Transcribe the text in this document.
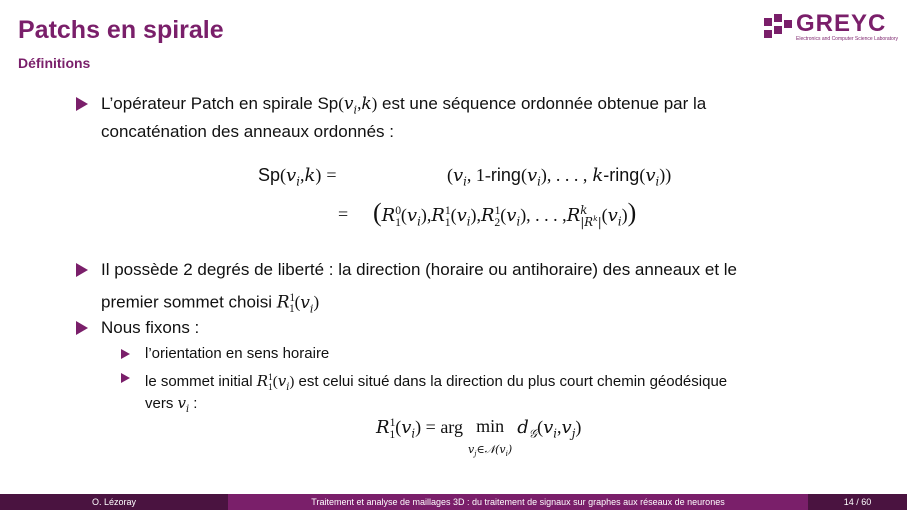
Patchs en spirale
Définitions
GREYC
Electronics and Computer Science Laboratory
L’opérateur Patch en spirale $Sp(v_i,k)$ est une séquence ordonnée obtenue par la
concaténation des anneaux ordonnés :
$Sp(v_i,k)$ =	($v_i$, $1-ring(v_i)$, . . . , $k-ring(v_i)$)
= ($R^0_1(v_i),R^1_1(v_i),R^1_2(v_i)$, . . . $,R^k_{|R^k|}(v_i)$)
Il possède 2 degrés de liberté : la direction (horaire ou antihoraire) des anneaux et le
premier sommet choisi $R^1_1(v_i)$
Nous fixons :
l’orientation en sens horaire
le sommet initial $R^1_1(v_i)$ est celui situé dans la direction du plus court chemin géodésique
vers $v_i$ :
$R^1_1(v_i)$ = arg min
$v_j\in 𝒩(v_i)$ $d_𝒢(v_i,v_j)$
O. Lézoray	Traitement et analyse de maillages 3D : du traitement de signaux sur graphes aux réseaux de neurones	14 / 60
